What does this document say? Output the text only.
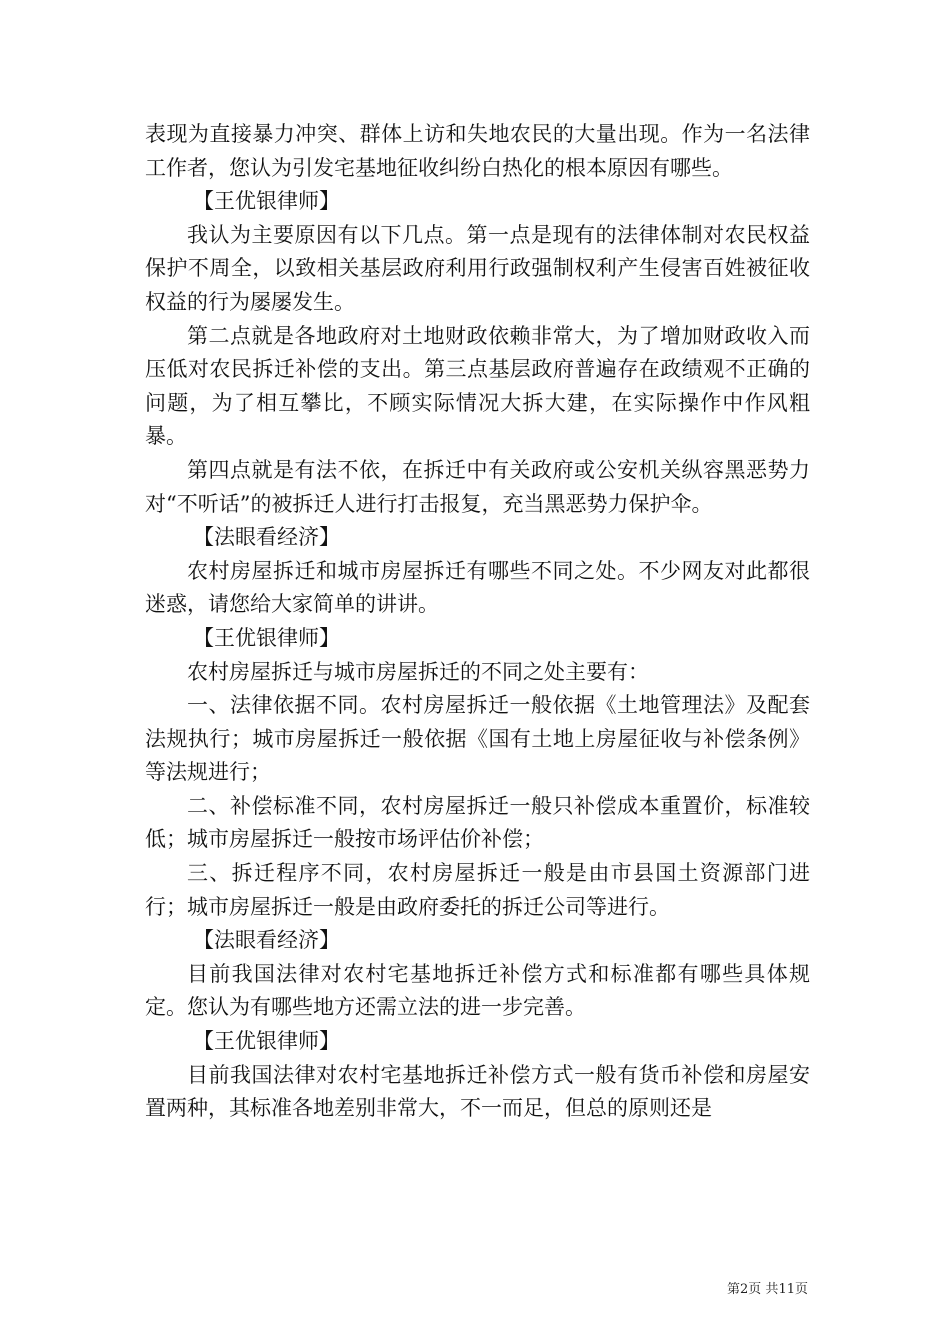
表现为直接暴力冲突、群体上访和失地农民的大量出现。作为一名法律工作者，您认为引发宅基地征收纠纷白热化的根本原因有哪些。

【王优银律师】

我认为主要原因有以下几点。第一点是现有的法律体制对农民权益保护不周全，以致相关基层政府利用行政强制权利产生侵害百姓被征收权益的行为屡屡发生。

第二点就是各地政府对土地财政依赖非常大，为了增加财政收入而压低对农民拆迁补偿的支出。第三点基层政府普遍存在政绩观不正确的问题，为了相互攀比，不顾实际情况大拆大建，在实际操作中作风粗暴。

第四点就是有法不依，在拆迁中有关政府或公安机关纵容黑恶势力对“不听话”的被拆迁人进行打击报复，充当黑恶势力保护伞。

【法眼看经济】

农村房屋拆迁和城市房屋拆迁有哪些不同之处。不少网友对此都很迷惑，请您给大家简单的讲讲。

【王优银律师】

农村房屋拆迁与城市房屋拆迁的不同之处主要有：

一、法律依据不同。农村房屋拆迁一般依据《土地管理法》及配套法规执行；城市房屋拆迁一般依据《国有土地上房屋征收与补偿条例》等法规进行；

二、补偿标准不同，农村房屋拆迁一般只补偿成本重置价，标准较低；城市房屋拆迁一般按市场评估价补偿；

三、拆迁程序不同，农村房屋拆迁一般是由市县国土资源部门进行；城市房屋拆迁一般是由政府委托的拆迁公司等进行。

【法眼看经济】

目前我国法律对农村宅基地拆迁补偿方式和标准都有哪些具体规定。您认为有哪些地方还需立法的进一步完善。

【王优银律师】

目前我国法律对农村宅基地拆迁补偿方式一般有货币补偿和房屋安置两种，其标准各地差别非常大，不一而足，但总的原则还是

第2页 共11页
